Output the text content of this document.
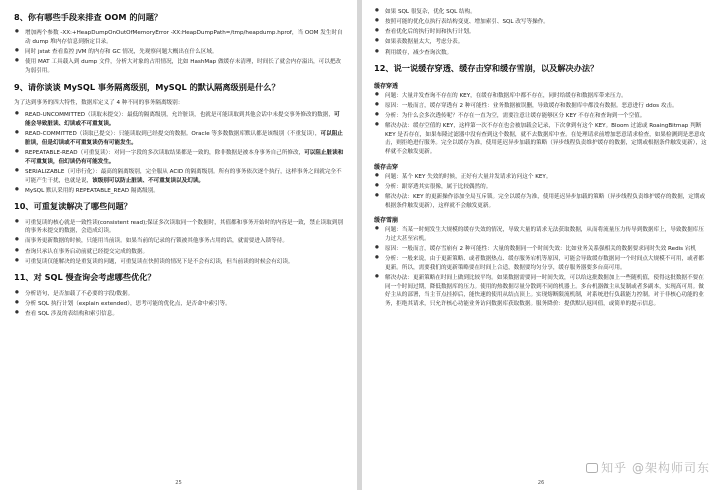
8、你有哪些手段来排查 OOM 的问题？
● 增加两个参数 -XX:+HeapDumpOnOutOfMemoryError -XX:HeapDumpPath=/tmp/heapdump.hprof，当 OOM 发生时自动 dump 堆内存信息到指定目录。
● 同时 jstat 查看监控 JVM 的内存和 GC 情况，先观察问题大概出在什么区域。
● 使用 MAT 工具载入到 dump 文件，分析大对象的占用情况，比如 HashMap 做缓存未清理，时间长了就会内存溢出，可以把改为弱引用。
9、请你谈谈 MySQL 事务隔离级别，MySQL 的默认隔离级别是什么？

为了达到事务的四大特性，数据库定义了 4 种不同的事务隔离级别：

● READ-UNCOMMITTED（读取未提交）：最低的隔离级别，允许脏读，也就是可能读取到其他会话中未提交事务修改的数据，可能会导致脏读、幻读或不可重复读。
● READ-COMMITTED（读取已提交）：只能读取到已经提交的数据。Oracle 等多数数据库默认都是该级别（不重复读），可以阻止脏读，但是幻读或不可重复读仍有可能发生。
● REPEATABLE-READ（可重复读）：对同一字段的多次读取结果都是一致的，除非数据是被本身事务自己所修改，可以阻止脏读和不可重复读，但幻读仍有可能发生。
● SERIALIZABLE（可串行化）：最高的隔离级别，完全服从 ACID 的隔离级别。所有的事务依次逐个执行，这样事务之间就完全不可能产生干扰，也就是说，该级别可以防止脏读、不可重复读以及幻读。
● MySQL 默认采用的 REPEATABLE_READ 隔离级别。
10、可重复读解决了哪些问题？
● 可重复读的核心就是一致性读(consistent read);保证多次读取同一个数据时，其值都和事务开始时的内容是一致，禁止读取到别的事务未提交的数据，会造成幻读。
● 而事务更新数据的时候，只能用当前读。如果当前的记录的行锁被其他事务占用的话，就需要进入锁等待。
● 查询只承认在事务启动前就已经提交完成的数据。
● 可重复读仅能解决的是重复读的问题，可重复读在快照读的情况下是不会有幻读，但当前读的时候会有幻读。
11、对 SQL 慢查询会考虑哪些优化？
● 分析语句，是否加载了不必要的字段/数据。
● 分析 SQL 执行计划（explain extended），思考可能的优化点，是否命中索引等。
● 查看 SQL 涉及的表结构和索引信息。
25
● 如果 SQL 很复杂，优化 SQL 结构。
● 按照可能的优化点执行表结构变更、增加索引、SQL 改写等操作。
● 查看优化后的执行时间和执行计划。
● 如果表数据量太大，考虑分表。
● 利用缓存，减少查询次数。
12、说一说缓存穿透、缓存击穿和缓存雪崩，以及解决办法？
缓存穿透
● 问题：大量并发查询不存在的 KEY，在缓存和数据库中都不存在，同时给缓存和数据库带来压力。
● 原因：一般而言，缓存穿透有 2 种可能性：业务数据被误删，导致缓存和数据库中都没有数据。恶意进行 ddos 攻击。
● 分析：为什么会多次透传呢？不存在一直为空，需要注意让缓存能够区分 KEY 不存在和查询到一个空值。
● 解决办法：缓存空值的 KEY，这样第一次不存在也会被加载会记录，下次拿到有这个 KEY。Bloom 过滤或 RoaingBitmap 判断 KEY 是否存在，如果布隆过滤器中没有查到这个数据，就不去数据库中查。在处理请求前增加恶意请求检查，如果检测到是恶意攻击，则拒绝进行服务。完全以缓存为准，使用延迟异步加载的策略（异步线程负责维护缓存的数据，定期或根据条件触发更新），这样就不会触发更新。
缓存击穿
● 问题：某个 KEY 失效的时候，正好有大量并发请求访问这个 KEY。
● 分析：跟穿透其实很像，属于比较偶然的。
● 解决办法：KEY 的更新操作添加全局互斥锁。完全以缓存为准，使用延迟异步加载的策略（异步线程负责维护缓存的数据，定期或根据条件触发更新），这样就不会触发更新。
缓存雪崩
● 问题：当某一时刻发生大规模的缓存失效的情况，导致大量的请求无法获取数据，从而将流量压力传导到数据库上，导致数据库压力过大甚至宕机。
● 原因：一般而言，缓存雪崩有 2 种可能性：大量的数据同一个时间失效：比如业务关系强相关的数据要求同时失效 Redis 宕机
● 分析：一般来说，由于更新策略、或者数据热点、缓存服务宕机等原因，可能会导致缓存数据同一个时间点大规模不可用，或者都更新。所以，需要我们的更新策略要在时间上合适，数据要均匀分享，缓存服务器要多台高可用。
● 解决办法：更新策略在时间上做到比较平均。如果数据需要同一时间失效，可以给这批数据加上一些随机值，使得这批数据不要在同一个时间过期，降低数据库的压力。使用的热数据尽量分散到不同的机器上。多台机器做主从复制或者多副本，实现高可用。做好主从的部署，当主节点挂掉后，能快速的使用从结点顶上。实现熔断限流机制，对系统进行负载能力控制。对于非核心功能的业务，拒绝其请求，只允许核心功能业务访问数据库获取数据。服务降价：提供默认返回值，或简单的提示信息。
26
知乎 @架构师司东
